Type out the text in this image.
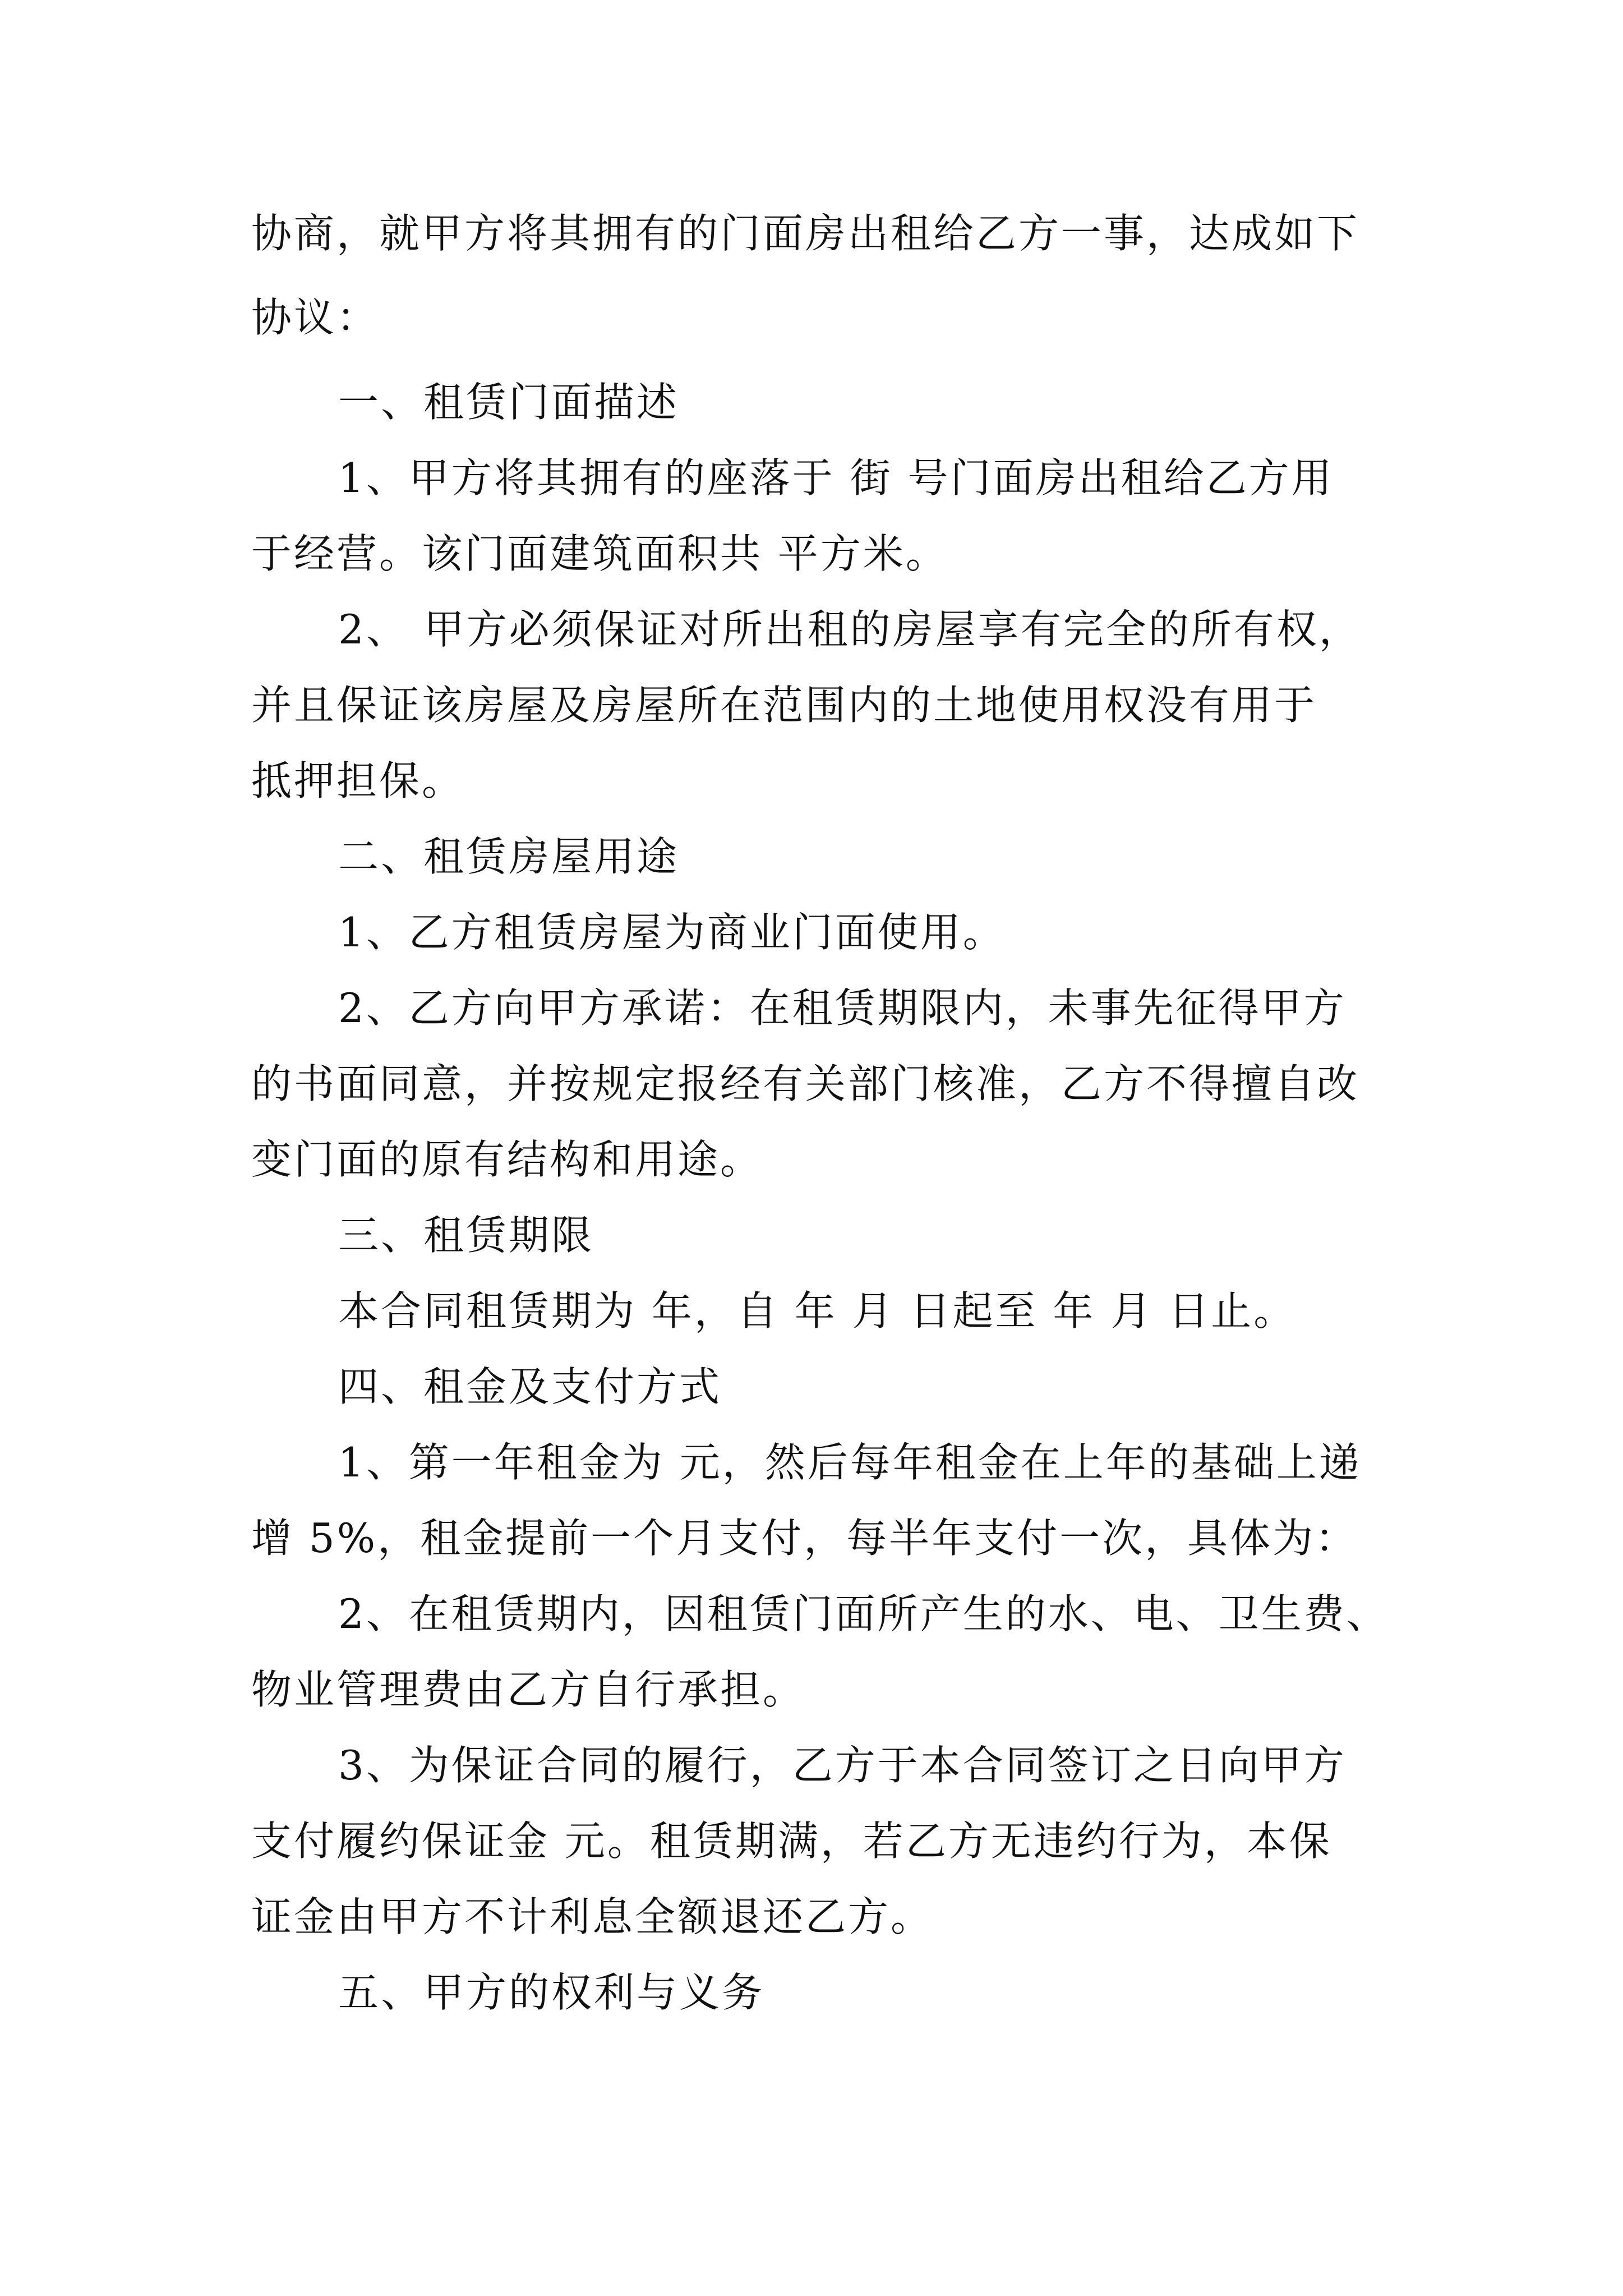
协商，就甲方将其拥有的门面房出租给乙方一事，达成如下
协议：
一、租赁门面描述
1、甲方将其拥有的座落于 街 号门面房出租给乙方用
于经营。该门面建筑面积共 平方米。
2、 甲方必须保证对所出租的房屋享有完全的所有权，
并且保证该房屋及房屋所在范围内的土地使用权没有用于
抵押担保。
二、租赁房屋用途
1、乙方租赁房屋为商业门面使用。
2、乙方向甲方承诺：在租赁期限内，未事先征得甲方
的书面同意，并按规定报经有关部门核准，乙方不得擅自改
变门面的原有结构和用途。
三、租赁期限
本合同租赁期为 年，自 年 月 日起至 年 月 日止。
四、租金及支付方式
1、第一年租金为 元，然后每年租金在上年的基础上递
增 5%，租金提前一个月支付，每半年支付一次，具体为：
2、在租赁期内，因租赁门面所产生的水、电、卫生费、
物业管理费由乙方自行承担。
3、为保证合同的履行，乙方于本合同签订之日向甲方
支付履约保证金 元。租赁期满，若乙方无违约行为，本保
证金由甲方不计利息全额退还乙方。
五、甲方的权利与义务
